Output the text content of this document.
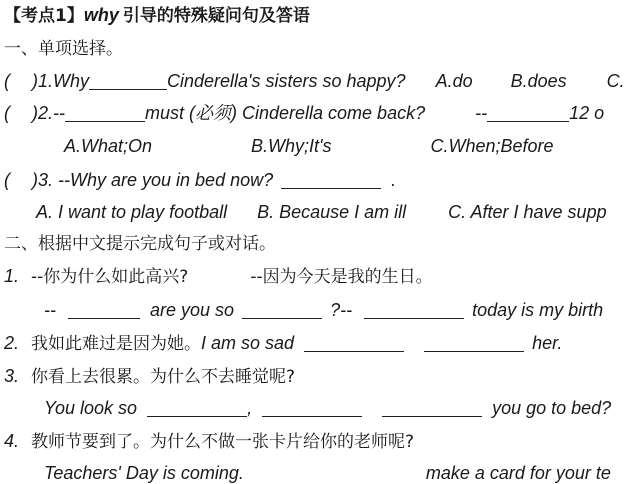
【考点1】why 引导的特殊疑问句及答语
一、单项选择。
( )1.Why	Cinderella's sisters so happy? A.do B.does C.
( )2.--	must (必须) Cinderella come back?	--	12 o
A.What;On	B.Why;It's	C.When;Before
( )3. --Why are you in bed now?	.
A. I want to play football B. Because I am ill C. After I have supp
二、根据中文提示完成句子或对话。
1. --你为什么如此高兴?	--因为今天是我的生日。
--	are you so	?--	today is my birth
2. 我如此难过是因为她。I am so sad	her.
3. 你看上去很累。为什么不去睡觉呢?
You look so	,	you go to bed?
4. 教师节要到了。为什么不做一张卡片给你的老师呢?
Teachers' Day is coming.	make a card for your te
